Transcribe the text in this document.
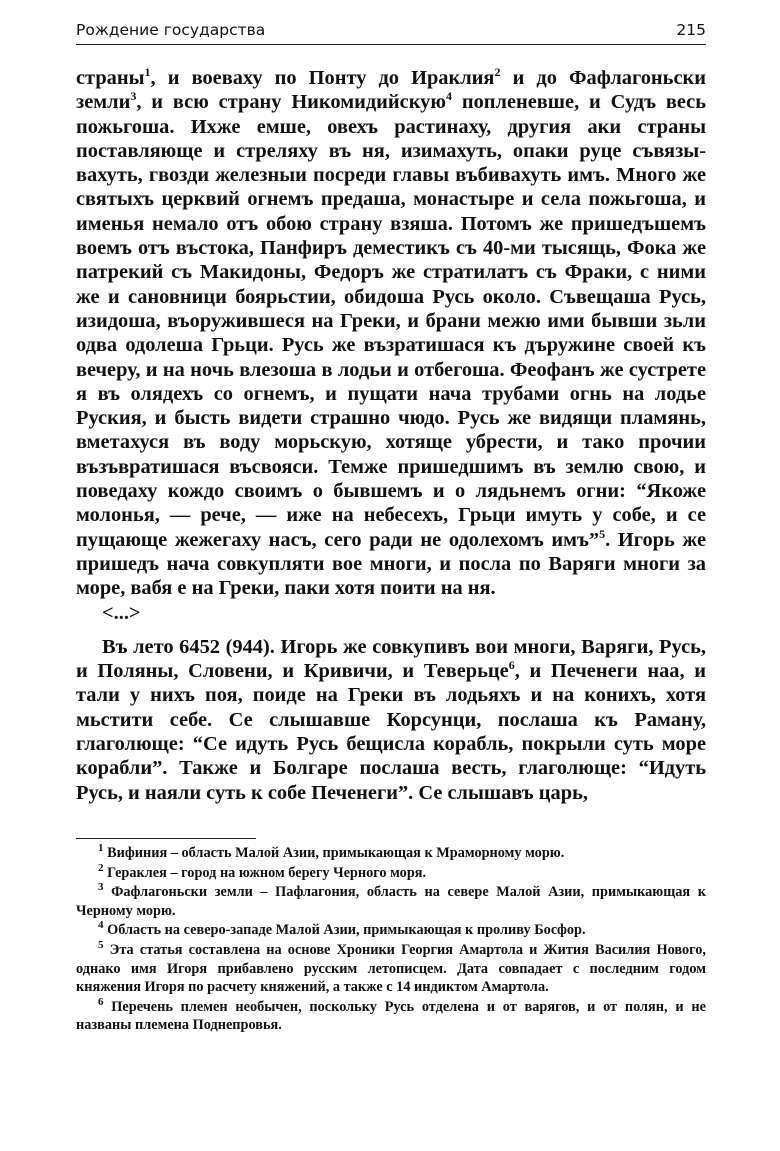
Рождение государства	215

страны$^1$, и воеваху по Понту до Ираклия$^2$ и до Фафлагоньски земли$^3$, и всю страну Никомидийскую$^4$ попленевше, и Судъ весь пожьгоша. Ихже емше, овехъ растинаху, другия аки страны поставляюще и стреляху въ ня, изимахуть, опаки руце съвязывахуть, гвозди железныи посреди главы въбивахуть имъ. Много же святыхъ церквий огнемъ предаша, монастыре и села пожьгоша, и именья немало отъ обою страну взяша. Потомъ же пришедъшемъ воемъ отъ въстока, Панфиръ деместикъ съ 40-ми тысящь, Фока же патрекий съ Макидоны, Федоръ же стратилатъ съ Фраки, с ними же и сановници боярьстии, обидоша Русь около. Съвещаша Русь, изидоша, въоружившеся на Греки, и брани межю ими бывши зьли одва одолеша Грьци. Русь же възратишася къ дъружине своей къ вечеру, и на ночь влезоша в лодьи и отбегоша. Феофанъ же сустрете я въ олядехъ со огнемъ, и пущати нача трубами огнь на лодье Руския, и бысть видети страшно чюдо. Русь же видящи пламянь, вметахуся въ воду морьскую, хотяще убрести, и тако прочии възъвратишася въсвояси. Темже пришедшимъ въ землю свою, и поведаху кождо своимъ о бывшемъ и о лядьнемъ огни: “Якоже молонья, — рече, — иже на небесехъ, Грьци имуть у собе, и се пущающе жежегаху насъ, сего ради не одолехомъ имъ”$^5$. Игорь же пришедъ нача совкупляти вое многи, и посла по Варяги многи за море, вабя е на Греки, паки хотя поити на ня.

<...>

Въ лето 6452 (944). Игорь же совкупивъ вои многи, Варяги, Русь, и Поляны, Словени, и Кривичи, и Теверьце$^6$, и Печенеги наа, и тали у нихъ поя, поиде на Греки въ лодьяхъ и на конихъ, хотя мьстити себе. Се слышавше Корсунци, послаша къ Раману, глаголюще: “Се идуть Русь бещисла корабль, покрыли суть море корабли”. Также и Болгаре послаша весть, глаголюще: “Идуть Русь, и наяли суть к собе Печенеги”. Се слышавъ царь,

$^1$ Вифиния – область Малой Азии, примыкающая к Мраморному морю.

$^2$ Гераклея – город на южном берегу Черного моря.

$^3$ Фафлагоньски земли – Пафлагония, область на севере Малой Азии, примыкающая к Черному морю.

$^4$ Область на северо-западе Малой Азии, примыкающая к проливу Босфор.

$^5$ Эта статья составлена на основе Хроники Георгия Амартола и Жития Василия Нового, однако имя Игоря прибавлено русским летописцем. Дата совпадает с последним годом княжения Игоря по расчету княжений, а также с 14 индиктом Амартола.

$^6$ Перечень племен необычен, поскольку Русь отделена и от варягов, и от полян, и не названы племена Поднепровья.
